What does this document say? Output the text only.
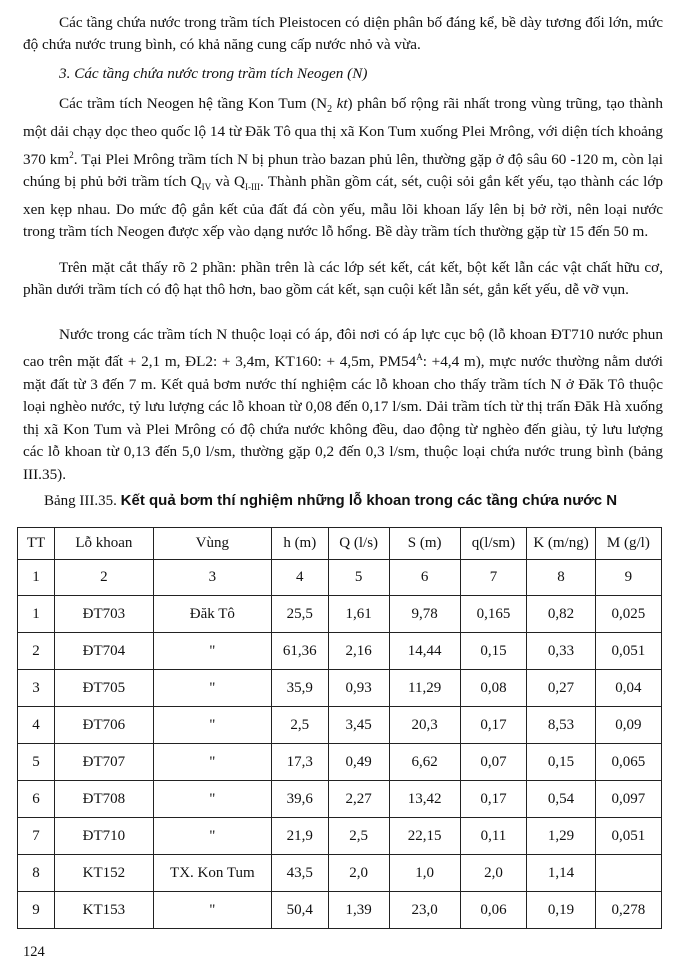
Các tầng chứa nước trong trầm tích Pleistocen có diện phân bố đáng kể, bề dày tương đối lớn, mức độ chứa nước trung bình, có khả năng cung cấp nước nhỏ và vừa.

3. Các tầng chứa nước trong trầm tích Neogen (N)

Các trầm tích Neogen hệ tầng Kon Tum ($N_2$ kt) phân bố rộng rãi nhất trong vùng trũng, tạo thành một dải chạy dọc theo quốc lộ 14 từ Đăk Tô qua thị xã Kon Tum xuống Plei Mrông, với diện tích khoảng 370 $km^2$. Tại Plei Mrông trầm tích N bị phun trào bazan phủ lên, thường gặp ở độ sâu 60 -120 m, còn lại chúng bị phủ bởi trầm tích $Q_{IV}$ và $Q_{I-III}$. Thành phần gồm cát, sét, cuội sỏi gắn kết yếu, tạo thành các lớp xen kẹp nhau. Do mức độ gắn kết của đất đá còn yếu, mẫu lõi khoan lấy lên bị bở rời, nên loại nước trong trầm tích Neogen được xếp vào dạng nước lỗ hổng. Bề dày trầm tích thường gặp từ 15 đến 50 m.

Trên mặt cắt thấy rõ 2 phần: phần trên là các lớp sét kết, cát kết, bột kết lẫn các vật chất hữu cơ, phần dưới trầm tích có độ hạt thô hơn, bao gồm cát kết, sạn cuội kết lẫn sét, gắn kết yếu, dễ vỡ vụn.

Nước trong các trầm tích N thuộc loại có áp, đôi nơi có áp lực cục bộ (lỗ khoan ĐT710 nước phun cao trên mặt đất + 2,1 m, ĐL2: + 3,4m, KT160: + 4,5m, $PM54^A$: +4,4 m), mực nước thường nằm dưới mặt đất từ 3 đến 7 m. Kết quả bơm nước thí nghiệm các lỗ khoan cho thấy trầm tích N ở Đăk Tô thuộc loại nghèo nước, tỷ lưu lượng các lỗ khoan từ 0,08 đến 0,17 l/sm. Dải trầm tích từ thị trấn Đăk Hà xuống thị xã Kon Tum và Plei Mrông có độ chứa nước không đều, dao động từ nghèo đến giàu, tỷ lưu lượng các lỗ khoan từ 0,13 đến 5,0 l/sm, thường gặp 0,2 đến 0,3 l/sm, thuộc loại chứa nước trung bình (bảng III.35).

Bảng III.35. Kết quả bơm thí nghiệm những lỗ khoan trong các tầng chứa nước N
TT	Lỗ khoan	Vùng	h (m)	Q (l/s)	S (m)	q(l/sm)	K (m/ng)	M (g/l)
1	2	3	4	5	6	7	8	9
1	ĐT703	Đăk Tô	25,5	1,61	9,78	0,165	0,82	0,025
2	ĐT704	"	61,36	2,16	14,44	0,15	0,33	0,051
3	ĐT705	"	35,9	0,93	11,29	0,08	0,27	0,04
4	ĐT706	"	2,5	3,45	20,3	0,17	8,53	0,09
5	ĐT707	"	17,3	0,49	6,62	0,07	0,15	0,065
6	ĐT708	"	39,6	2,27	13,42	0,17	0,54	0,097
7	ĐT710	"	21,9	2,5	22,15	0,11	1,29	0,051
8	KT152	TX. Kon Tum	43,5	2,0	1,0	2,0	1,14	
9	KT153	"	50,4	1,39	23,0	0,06	0,19	0,278
124
